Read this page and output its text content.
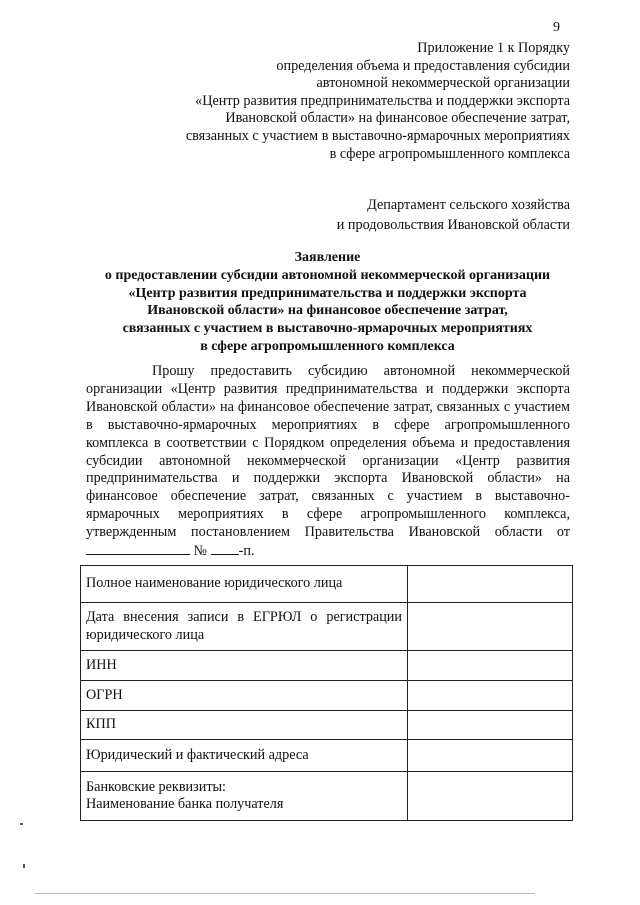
9
Приложение 1 к Порядку
определения объема и предоставления субсидии
автономной некоммерческой организации
«Центр развития предпринимательства и поддержки экспорта
Ивановской области» на финансовое обеспечение затрат,
связанных с участием в выставочно-ярмарочных мероприятиях
в сфере агропромышленного комплекса
Департамент сельского хозяйства
и продовольствия Ивановской области
Заявление
о предоставлении субсидии автономной некоммерческой организации
«Центр развития предпринимательства и поддержки экспорта
Ивановской области» на финансовое обеспечение затрат,
связанных с участием в выставочно-ярмарочных мероприятиях
в сфере агропромышленного комплекса
Прошу предоставить субсидию автономной некоммерческой организации «Центр развития предпринимательства и поддержки экспорта Ивановской области» на финансовое обеспечение затрат, связанных с участием в выставочно-ярмарочных мероприятиях в сфере агропромышленного комплекса в соответствии с Порядком определения объема и предоставления субсидии автономной некоммерческой организации «Центр развития предпринимательства и поддержки экспорта Ивановской области» на финансовое обеспечение затрат, связанных с участием в выставочно-ярмарочных мероприятиях в сфере агропромышленного комплекса, утвержденным постановлением Правительства Ивановской области от  № -п.
Полное наименование юридического лица	
Дата внесения записи в ЕГРЮЛ о регистрации юридического лица	
ИНН	
ОГРН	
КПП	
Юридический и фактический адреса	

Банковские реквизиты:
Наименование банка получателя	
